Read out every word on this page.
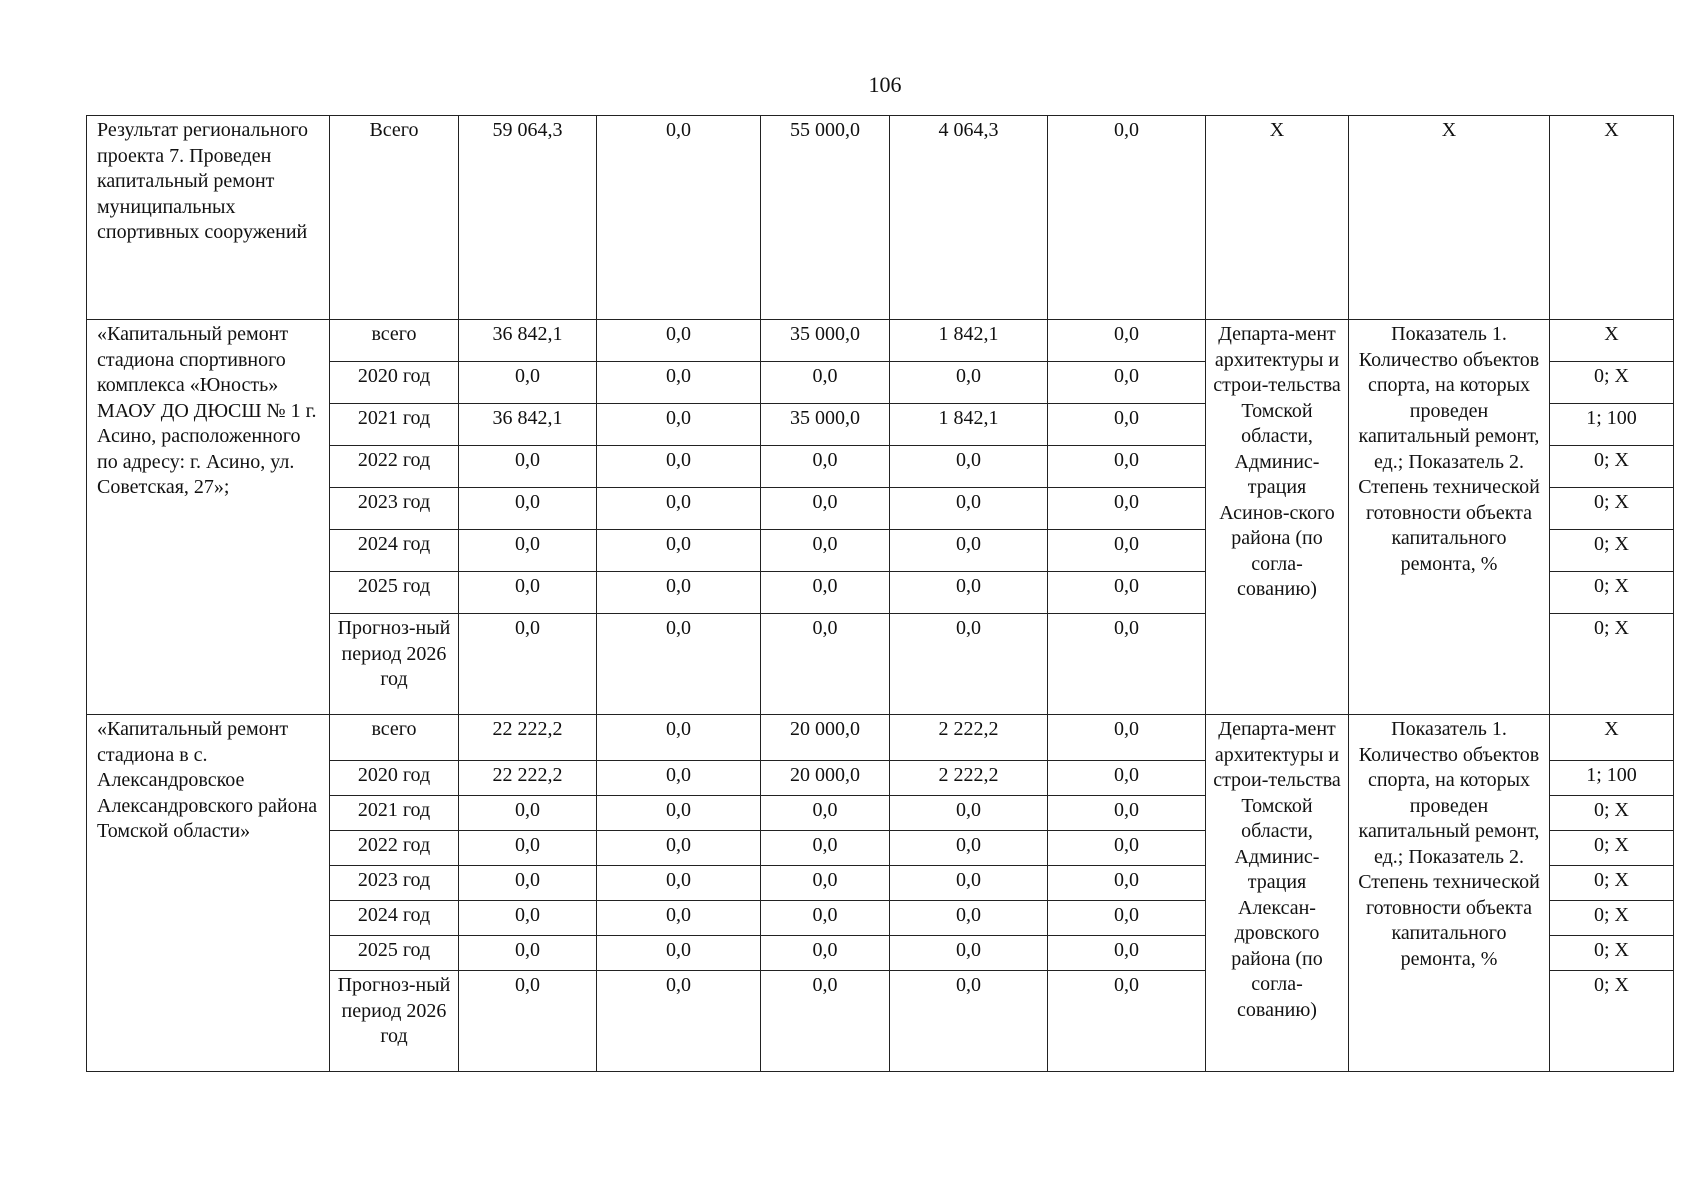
106
Результат регионального проекта 7. Проведен капитальный ремонт муниципальных спортивных сооружений	Всего	59 064,3	0,0	55 000,0	4 064,3	0,0	X	X	X
«Капитальный ремонт стадиона спортивного комплекса «Юность» МАОУ ДО ДЮСШ № 1 г. Асино, расположенного по адресу: г. Асино, ул. Советская, 27»;	всего	36 842,1	0,0	35 000,0	1 842,1	0,0	Департа-мент архитектуры и строи-тельства Томской области, Админис-трация Асинов-ского района (по согла-сованию)	Показатель 1. Количество объектов спорта, на которых проведен капитальный ремонт, ед.; Показатель 2. Степень технической готовности объекта капитального ремонта, %	X
	2020 год	0,0	0,0	0,0	0,0	0,0			0; X
	2021 год	36 842,1	0,0	35 000,0	1 842,1	0,0			1; 100
	2022 год	0,0	0,0	0,0	0,0	0,0			0; X
	2023 год	0,0	0,0	0,0	0,0	0,0			0; X
	2024 год	0,0	0,0	0,0	0,0	0,0			0; X
	2025 год	0,0	0,0	0,0	0,0	0,0			0; X
	Прогноз-ный период 2026 год	0,0	0,0	0,0	0,0	0,0			0; X
«Капитальный ремонт стадиона в с. Александровское Александровского района Томской области»	всего	22 222,2	0,0	20 000,0	2 222,2	0,0	Департа-мент архитектуры и строи-тельства Томской области, Админис-трация Алексан-дровского района (по согла-сованию)	Показатель 1. Количество объектов спорта, на которых проведен капитальный ремонт, ед.; Показатель 2. Степень технической готовности объекта капитального ремонта, %	X
	2020 год	22 222,2	0,0	20 000,0	2 222,2	0,0			1; 100
	2021 год	0,0	0,0	0,0	0,0	0,0			0; X
	2022 год	0,0	0,0	0,0	0,0	0,0			0; X
	2023 год	0,0	0,0	0,0	0,0	0,0			0; X
	2024 год	0,0	0,0	0,0	0,0	0,0			0; X
	2025 год	0,0	0,0	0,0	0,0	0,0			0; X
	Прогноз-ный период 2026 год	0,0	0,0	0,0	0,0	0,0			0; X
